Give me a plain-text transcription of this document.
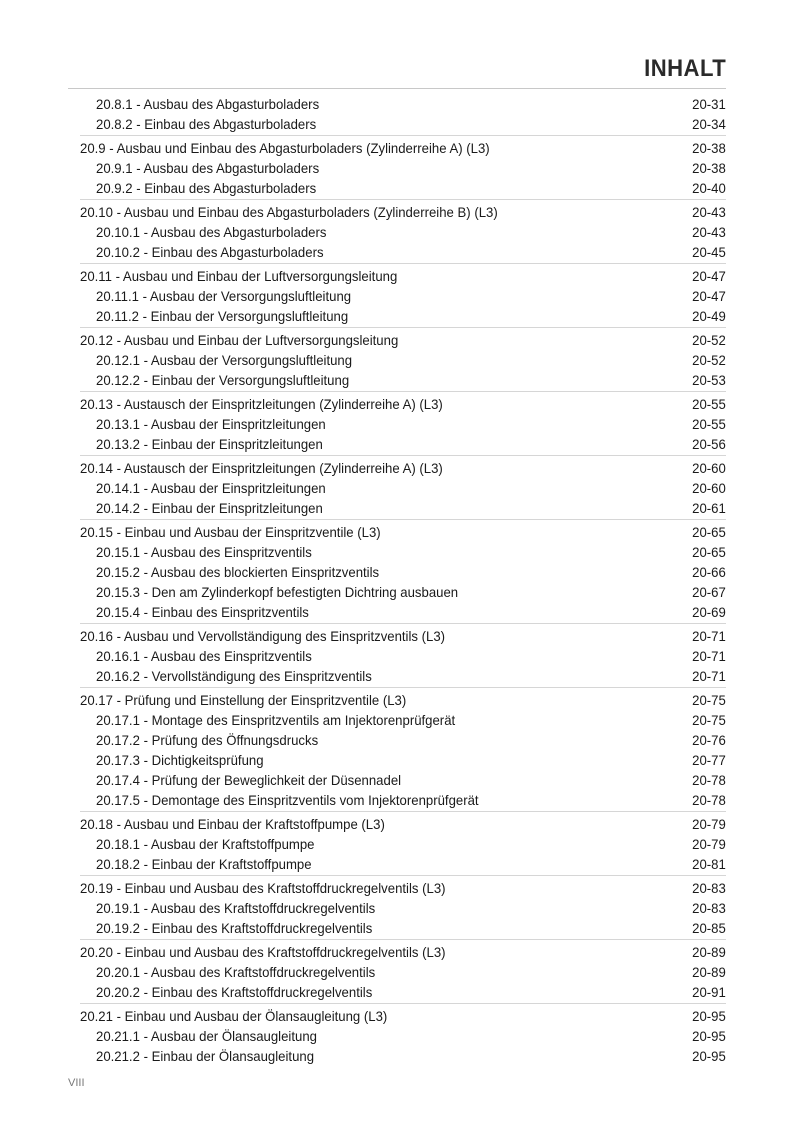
INHALT
20.8.1 - Ausbau des Abgasturboladers	20-31
20.8.2 - Einbau des Abgasturboladers	20-34
20.9 - Ausbau und Einbau des Abgasturboladers (Zylinderreihe A) (L3)	20-38
20.9.1 - Ausbau des Abgasturboladers	20-38
20.9.2 - Einbau des Abgasturboladers	20-40
20.10 - Ausbau und Einbau des Abgasturboladers (Zylinderreihe B) (L3)	20-43
20.10.1 - Ausbau des Abgasturboladers	20-43
20.10.2 - Einbau des Abgasturboladers	20-45
20.11 - Ausbau und Einbau der Luftversorgungsleitung	20-47
20.11.1 - Ausbau der Versorgungsluftleitung	20-47
20.11.2 - Einbau der Versorgungsluftleitung	20-49
20.12 - Ausbau und Einbau der Luftversorgungsleitung	20-52
20.12.1 - Ausbau der Versorgungsluftleitung	20-52
20.12.2 - Einbau der Versorgungsluftleitung	20-53
20.13 - Austausch der Einspritzleitungen (Zylinderreihe A) (L3)	20-55
20.13.1 - Ausbau der Einspritzleitungen	20-55
20.13.2 - Einbau der Einspritzleitungen	20-56
20.14 - Austausch der Einspritzleitungen (Zylinderreihe A) (L3)	20-60
20.14.1 - Ausbau der Einspritzleitungen	20-60
20.14.2 - Einbau der Einspritzleitungen	20-61
20.15 - Einbau und Ausbau der Einspritzventile (L3)	20-65
20.15.1 - Ausbau des Einspritzventils	20-65
20.15.2 - Ausbau des blockierten Einspritzventils	20-66
20.15.3 - Den am Zylinderkopf befestigten Dichtring ausbauen	20-67
20.15.4 - Einbau des Einspritzventils	20-69
20.16 - Ausbau und Vervollständigung des Einspritzventils (L3)	20-71
20.16.1 - Ausbau des Einspritzventils	20-71
20.16.2 - Vervollständigung des Einspritzventils	20-71
20.17 - Prüfung und Einstellung der Einspritzventile (L3)	20-75
20.17.1 - Montage des Einspritzventils am Injektorenprüfgerät	20-75
20.17.2 - Prüfung des Öffnungsdrucks	20-76
20.17.3 - Dichtigkeitsprüfung	20-77
20.17.4 - Prüfung der Beweglichkeit der Düsennadel	20-78
20.17.5 - Demontage des Einspritzventils vom Injektorenprüfgerät	20-78
20.18 - Ausbau und Einbau der Kraftstoffpumpe (L3)	20-79
20.18.1 - Ausbau der Kraftstoffpumpe	20-79
20.18.2 - Einbau der Kraftstoffpumpe	20-81
20.19 - Einbau und Ausbau des Kraftstoffdruckregelventils (L3)	20-83
20.19.1 - Ausbau des Kraftstoffdruckregelventils	20-83
20.19.2 - Einbau des Kraftstoffdruckregelventils	20-85
20.20 - Einbau und Ausbau des Kraftstoffdruckregelventils (L3)	20-89
20.20.1 - Ausbau des Kraftstoffdruckregelventils	20-89
20.20.2 - Einbau des Kraftstoffdruckregelventils	20-91
20.21 - Einbau und Ausbau der Ölansaugleitung (L3)	20-95
20.21.1 - Ausbau der Ölansaugleitung	20-95
20.21.2 - Einbau der Ölansaugleitung	20-95

VIII
